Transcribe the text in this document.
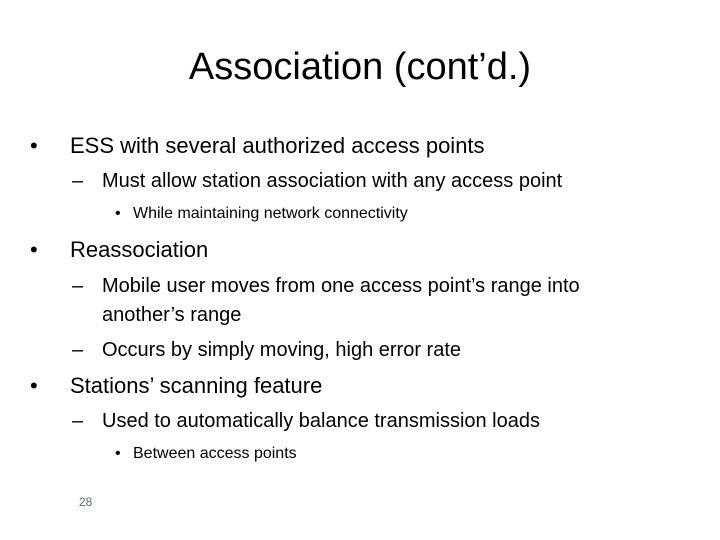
Association (cont’d.)
• ESS with several authorized access points
– Must allow station association with any access point
• While maintaining network connectivity
• Reassociation
– Mobile user moves from one access point’s range into
another’s range
– Occurs by simply moving, high error rate
• Stations’ scanning feature
– Used to automatically balance transmission loads
• Between access points
28
